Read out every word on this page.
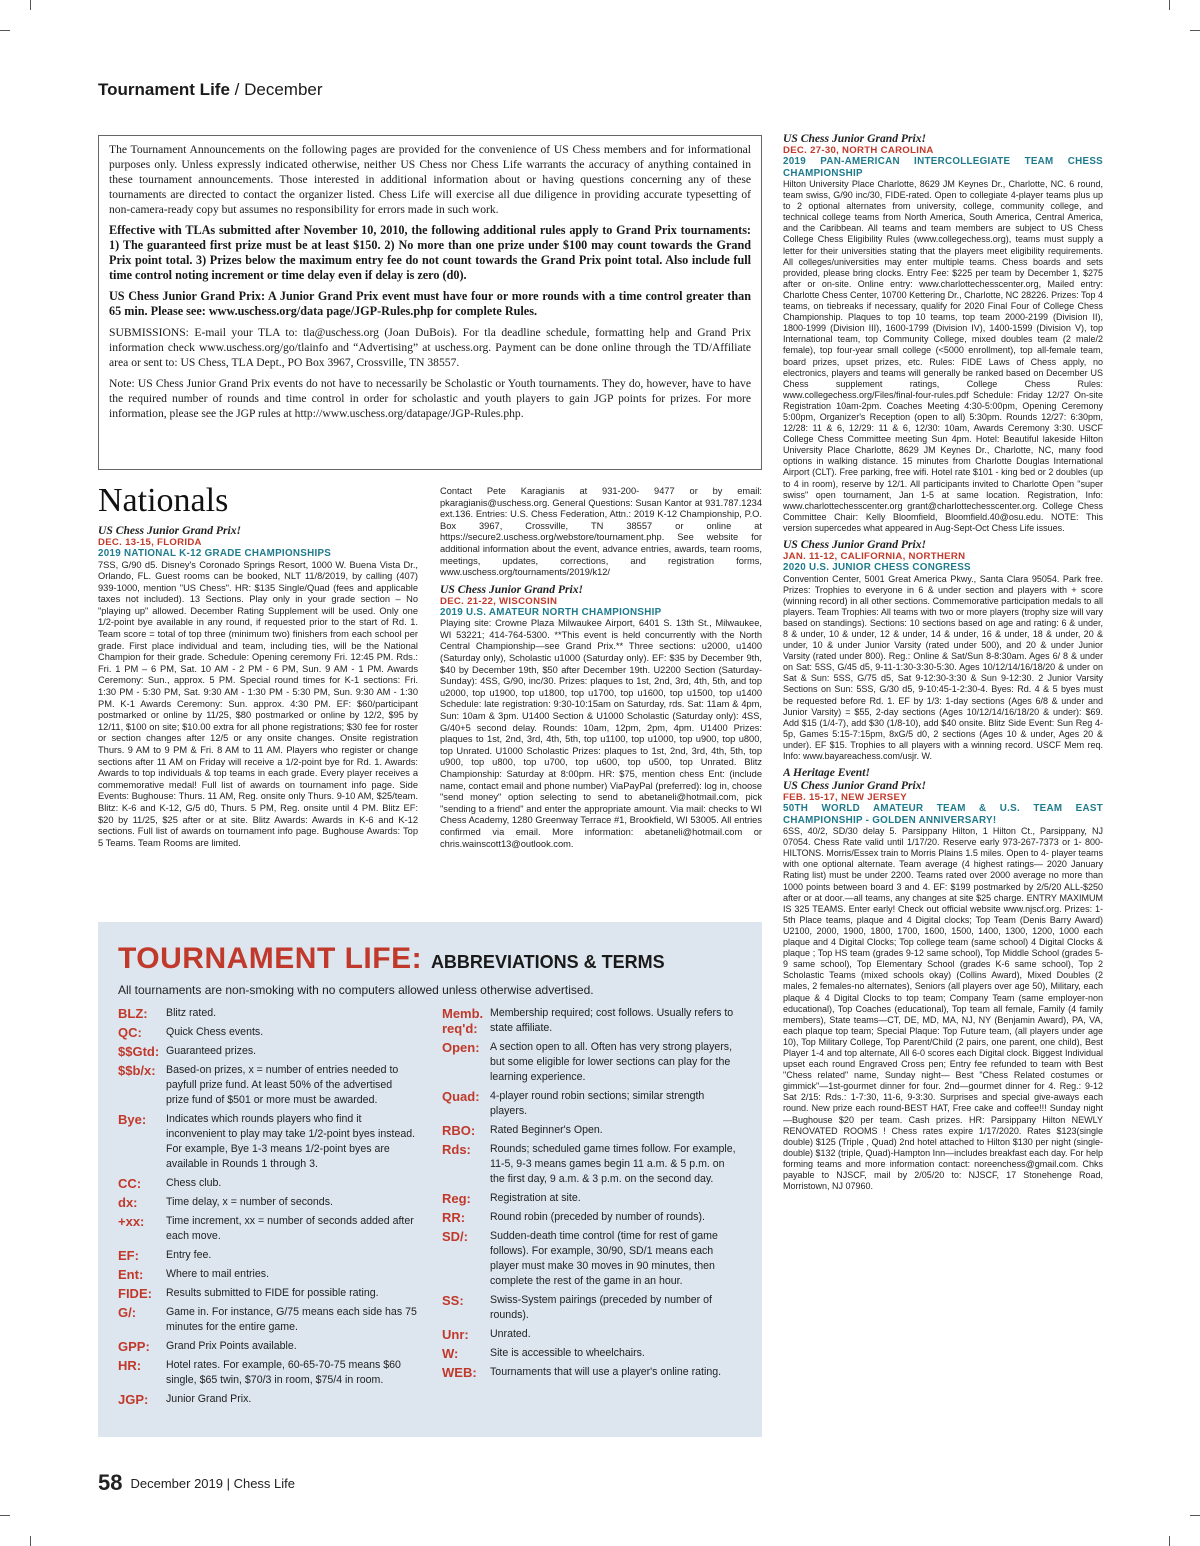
Tournament Life / December

The Tournament Announcements on the following pages are provided for the convenience of US Chess members and for informational purposes only. Unless expressly indicated otherwise, neither US Chess nor Chess Life warrants the accuracy of anything contained in these tournament announcements. Those interested in additional information about or having questions concerning any of these tournaments are directed to contact the organizer listed. Chess Life will exercise all due diligence in providing accurate typesetting of non-camera-ready copy but assumes no responsibility for errors made in such work.

Effective with TLAs submitted after November 10, 2010, the following additional rules apply to Grand Prix tournaments: 1) The guaranteed first prize must be at least $150. 2) No more than one prize under $100 may count towards the Grand Prix point total. 3) Prizes below the maximum entry fee do not count towards the Grand Prix point total. Also include full time control noting increment or time delay even if delay is zero (d0).

US Chess Junior Grand Prix: A Junior Grand Prix event must have four or more rounds with a time control greater than 65 min. Please see: www.uschess.org/data page/JGP-Rules.php for complete Rules.

SUBMISSIONS: E-mail your TLA to: tla@uschess.org (Joan DuBois). For tla deadline schedule, formatting help and Grand Prix information check www.uschess.org/go/tlainfo and “Advertising” at uschess.org. Payment can be done online through the TD/Affiliate area or sent to: US Chess, TLA Dept., PO Box 3967, Crossville, TN 38557.

Note: US Chess Junior Grand Prix events do not have to necessarily be Scholastic or Youth tournaments. They do, however, have to have the required number of rounds and time control in order for scholastic and youth players to gain JGP points for prizes. For more information, please see the JGP rules at http://www.uschess.org/datapage/JGP-Rules.php.

Nationals
US Chess Junior Grand Prix!
DEC. 13-15, FLORIDA
2019 NATIONAL K-12 GRADE CHAMPIONSHIPS
7SS, G/90 d5. Disney's Coronado Springs Resort, 1000 W. Buena Vista Dr., Orlando, FL. Guest rooms can be booked, NLT 11/8/2019, by calling (407) 939-1000, mention "US Chess". HR: $135 Single/Quad (fees and applicable taxes not included). 13 Sections. Play only in your grade section – No "playing up" allowed. December Rating Supplement will be used. Only one 1/2-point bye available in any round, if requested prior to the start of Rd. 1. Team score = total of top three (minimum two) finishers from each school per grade. First place individual and team, including ties, will be the National Champion for their grade. Schedule: Opening ceremony Fri. 12:45 PM. Rds.: Fri. 1 PM – 6 PM, Sat. 10 AM - 2 PM - 6 PM, Sun. 9 AM - 1 PM. Awards Ceremony: Sun., approx. 5 PM. Special round times for K-1 sections: Fri. 1:30 PM - 5:30 PM, Sat. 9:30 AM - 1:30 PM - 5:30 PM, Sun. 9:30 AM - 1:30 PM. K-1 Awards Ceremony: Sun. approx. 4:30 PM. EF: $60/participant postmarked or online by 11/25, $80 postmarked or online by 12/2, $95 by 12/11, $100 on site; $10.00 extra for all phone registrations; $30 fee for roster or section changes after 12/5 or any onsite changes. Onsite registration Thurs. 9 AM to 9 PM & Fri. 8 AM to 11 AM. Players who register or change sections after 11 AM on Friday will receive a 1/2-point bye for Rd. 1. Awards: Awards to top individuals & top teams in each grade. Every player receives a commemorative medal! Full list of awards on tournament info page. Side Events: Bughouse: Thurs. 11 AM, Reg. onsite only Thurs. 9-10 AM, $25/team. Blitz: K-6 and K-12, G/5 d0, Thurs. 5 PM, Reg. onsite until 4 PM. Blitz EF: $20 by 11/25, $25 after or at site. Blitz Awards: Awards in K-6 and K-12 sections. Full list of awards on tournament info page. Bughouse Awards: Top 5 Teams. Team Rooms are limited.
Contact Pete Karagianis at 931-200- 9477 or by email: pkaragianis@uschess.org. General Questions: Susan Kantor at 931.787.1234 ext.136. Entries: U.S. Chess Federation, Attn.: 2019 K-12 Championship, P.O. Box 3967, Crossville, TN 38557 or online at https://secure2.uschess.org/webstore/tournament.php. See website for additional information about the event, advance entries, awards, team rooms, meetings, updates, corrections, and registration forms, www.uschess.org/tournaments/2019/k12/
US Chess Junior Grand Prix!
DEC. 21-22, WISCONSIN
2019 U.S. AMATEUR NORTH CHAMPIONSHIP
Playing site: Crowne Plaza Milwaukee Airport, 6401 S. 13th St., Milwaukee, WI 53221; 414-764-5300. **This event is held concurrently with the North Central Championship—see Grand Prix.** Three sections: u2000, u1400 (Saturday only), Scholastic u1000 (Saturday only). EF: $35 by December 9th, $40 by December 19th, $50 after December 19th. U2200 Section (Saturday-Sunday): 4SS, G/90, inc/30. Prizes: plaques to 1st, 2nd, 3rd, 4th, 5th, and top u2000, top u1900, top u1800, top u1700, top u1600, top u1500, top u1400 Schedule: late registration: 9:30-10:15am on Saturday, rds. Sat: 11am & 4pm, Sun: 10am & 3pm. U1400 Section & U1000 Scholastic (Saturday only): 4SS, G/40+5 second delay. Rounds: 10am, 12pm, 2pm, 4pm. U1400 Prizes: plaques to 1st, 2nd, 3rd, 4th, 5th, top u1100, top u1000, top u900, top u800, top Unrated. U1000 Scholastic Prizes: plaques to 1st, 2nd, 3rd, 4th, 5th, top u900, top u800, top u700, top u600, top u500, top Unrated. Blitz Championship: Saturday at 8:00pm. HR: $75, mention chess Ent: (include name, contact email and phone number) ViaPayPal (preferred): log in, choose "send money" option selecting to send to abetaneli@hotmail.com, pick "sending to a friend" and enter the appropriate amount. Via mail: checks to WI Chess Academy, 1280 Greenway Terrace #1, Brookfield, WI 53005. All entries confirmed via email. More information: abetaneli@hotmail.com or chris.wainscott13@outlook.com.
US Chess Junior Grand Prix!
DEC. 27-30, NORTH CAROLINA
2019 PAN-AMERICAN INTERCOLLEGIATE TEAM CHESS CHAMPIONSHIP
Hilton University Place Charlotte, 8629 JM Keynes Dr., Charlotte, NC. 6 round, team swiss, G/90 inc/30, FIDE-rated. Open to collegiate 4-player teams plus up to 2 optional alternates from university, college, community college, and technical college teams from North America, South America, Central America, and the Caribbean. All teams and team members are subject to US Chess College Chess Eligibility Rules (www.collegechess.org), teams must supply a letter for their universities stating that the players meet eligibility requirements. All colleges/universities may enter multiple teams. Chess boards and sets provided, please bring clocks. Entry Fee: $225 per team by December 1, $275 after or on-site. Online entry: www.charlottechesscenter.org, Mailed entry: Charlotte Chess Center, 10700 Kettering Dr., Charlotte, NC 28226. Prizes: Top 4 teams, on tiebreaks if necessary, qualify for 2020 Final Four of College Chess Championship. Plaques to top 10 teams, top team 2000-2199 (Division II), 1800-1999 (Division III), 1600-1799 (Division IV), 1400-1599 (Division V), top International team, top Community College, mixed doubles team (2 male/2 female), top four-year small college (<5000 enrollment), top all-female team, board prizes, upset prizes, etc. Rules: FIDE Laws of Chess apply, no electronics, players and teams will generally be ranked based on December US Chess supplement ratings, College Chess Rules: www.collegechess.org/Files/final-four-rules.pdf Schedule: Friday 12/27 On-site Registration 10am-2pm. Coaches Meeting 4:30-5:00pm, Opening Ceremony 5:00pm, Organizer's Reception (open to all) 5:30pm. Rounds 12/27: 6:30pm, 12/28: 11 & 6, 12/29: 11 & 6, 12/30: 10am, Awards Ceremony 3:30. USCF College Chess Committee meeting Sun 4pm. Hotel: Beautiful lakeside Hilton University Place Charlotte, 8629 JM Keynes Dr., Charlotte, NC, many food options in walking distance. 15 minutes from Charlotte Douglas International Airport (CLT). Free parking, free wifi. Hotel rate $101 - king bed or 2 doubles (up to 4 in room), reserve by 12/1. All participants invited to Charlotte Open "super swiss" open tournament, Jan 1-5 at same location. Registration, Info: www.charlottechesscenter.org grant@charlottechesscenter.org. College Chess Committee Chair: Kelly Bloomfield, Bloomfield.40@osu.edu. NOTE: This version supercedes what appeared in Aug-Sept-Oct Chess Life issues.
US Chess Junior Grand Prix!
JAN. 11-12, CALIFORNIA, NORTHERN
2020 U.S. JUNIOR CHESS CONGRESS
Convention Center, 5001 Great America Pkwy., Santa Clara 95054. Park free. Prizes: Trophies to everyone in 6 & under section and players with + score (winning record) in all other sections. Commemorative participation medals to all players. Team Trophies: All teams with two or more players (trophy size will vary based on standings). Sections: 10 sections based on age and rating: 6 & under, 8 & under, 10 & under, 12 & under, 14 & under, 16 & under, 18 & under, 20 & under, 10 & under Junior Varsity (rated under 500), and 20 & under Junior Varsity (rated under 800). Reg.: Online & Sat/Sun 8-8:30am. Ages 6/ 8 & under on Sat: 5SS, G/45 d5, 9-11-1:30-3:30-5:30. Ages 10/12/14/16/18/20 & under on Sat & Sun: 5SS, G/75 d5, Sat 9-12:30-3:30 & Sun 9-12:30. 2 Junior Varsity Sections on Sun: 5SS, G/30 d5, 9-10:45-1-2:30-4. Byes: Rd. 4 & 5 byes must be requested before Rd. 1. EF by 1/3: 1-day sections (Ages 6/8 & under and Junior Varsity) = $55, 2-day sections (Ages 10/12/14/16/18/20 & under): $69. Add $15 (1/4-7), add $30 (1/8-10), add $40 onsite. Blitz Side Event: Sun Reg 4-5p, Games 5:15-7:15pm, 8xG/5 d0, 2 sections (Ages 10 & under, Ages 20 & under). EF $15. Trophies to all players with a winning record. USCF Mem req. Info: www.bayareachess.com/usjr. W.
A Heritage Event!
US Chess Junior Grand Prix!
FEB. 15-17, NEW JERSEY
50TH WORLD AMATEUR TEAM & U.S. TEAM EAST CHAMPIONSHIP - GOLDEN ANNIVERSARY!
6SS, 40/2, SD/30 delay 5. Parsippany Hilton, 1 Hilton Ct., Parsippany, NJ 07054. Chess Rate valid until 1/17/20. Reserve early 973-267-7373 or 1- 800-HILTONS. Morris/Essex train to Morris Plains 1.5 miles. Open to 4- player teams with one optional alternate. Team average (4 highest ratings— 2020 January Rating list) must be under 2200. Teams rated over 2000 average no more than 1000 points between board 3 and 4. EF: $199 postmarked by 2/5/20 ALL-$250 after or at door.—all teams, any changes at site $25 charge. ENTRY MAXIMUM IS 325 TEAMS. Enter early! Check out official website www.njscf.org. Prizes: 1-5th Place teams, plaque and 4 Digital clocks; Top Team (Denis Barry Award) U2100, 2000, 1900, 1800, 1700, 1600, 1500, 1400, 1300, 1200, 1000 each plaque and 4 Digital Clocks; Top college team (same school) 4 Digital Clocks & plaque ; Top HS team (grades 9-12 same school), Top Middle School (grades 5-9 same school), Top Elementary School (grades K-6 same school), Top 2 Scholastic Teams (mixed schools okay) (Collins Award), Mixed Doubles (2 males, 2 females-no alternates), Seniors (all players over age 50), Military, each plaque & 4 Digital Clocks to top team; Company Team (same employer-non educational), Top Coaches (educational), Top team all female, Family (4 family members), State teams—CT, DE, MD, MA, NJ, NY (Benjamin Award), PA, VA, each plaque top team; Special Plaque: Top Future team, (all players under age 10), Top Military College, Top Parent/Child (2 pairs, one parent, one child), Best Player 1-4 and top alternate, All 6-0 scores each Digital clock. Biggest Individual upset each round Engraved Cross pen; Entry fee refunded to team with Best "Chess related" name, Sunday night— Best "Chess Related costumes or gimmick"—1st-gourmet dinner for four. 2nd—gourmet dinner for 4. Reg.: 9-12 Sat 2/15: Rds.: 1-7:30, 11-6, 9-3:30. Surprises and special give-aways each round. New prize each round-BEST HAT, Free cake and coffee!!! Sunday night—Bughouse $20 per team. Cash prizes. HR: Parsippany Hilton NEWLY RENOVATED ROOMS ! Chess rates expire 1/17/2020. Rates $123(single double) $125 (Triple , Quad) 2nd hotel attached to Hilton $130 per night (single-double) $132 (triple, Quad)-Hampton Inn—includes breakfast each day. For help forming teams and more information contact: noreenchess@gmail.com. Chks payable to NJSCF, mail by 2/05/20 to: NJSCF, 17 Stonehenge Road, Morristown, NJ 07960.
TOURNAMENT LIFE: ABBREVIATIONS & TERMS
All tournaments are non-smoking with no computers allowed unless otherwise advertised.
BLZ:	Blitz rated.
QC:	Quick Chess events.
$$Gtd: Guaranteed prizes.
$$b/x: Based-on prizes, x = number of entries needed to payfull prize fund. At least 50% of the advertised prize fund of $501 or more must be awarded.
Bye:	Indicates which rounds players who find it inconvenient to play may take 1/2-point byes instead. For example, Bye 1-3 means 1/2-point byes are available in Rounds 1 through 3.
CC:	Chess club.
dx:	Time delay, x = number of seconds.
+xx:	Time increment, xx = number of seconds added after each move.
EF:	Entry fee.
Ent:	Where to mail entries.
FIDE:	Results submitted to FIDE for possible rating.
G/:	Game in. For instance, G/75 means each side has 75 minutes for the entire game.
GPP:	Grand Prix Points available.
HR:	Hotel rates. For example, 60-65-70-75 means $60 single, $65 twin, $70/3 in room, $75/4 in room.
JGP:	Junior Grand Prix.
Memb. req'd:
Membership required; cost follows. Usually refers to state affiliate.
Open: A section open to all. Often has very strong players, but some eligible for lower sections can play for the learning experience.
Quad: 4-player round robin sections; similar strength players.
RBO:	Rated Beginner's Open.
Rds:	Rounds; scheduled game times follow. For example, 11-5, 9-3 means games begin 11 a.m. & 5 p.m. on the first day, 9 a.m. & 3 p.m. on the second day.
Reg:	Registration at site.
RR:	Round robin (preceded by number of rounds).
SD/:	Sudden-death time control (time for rest of game follows). For example, 30/90, SD/1 means each player must make 30 moves in 90 minutes, then complete the rest of the game in an hour.
SS:	Swiss-System pairings (preceded by number of rounds).
Unr:	Unrated.
W:	Site is accessible to wheelchairs.
WEB:	Tournaments that will use a player's online rating.
58 December 2019 | Chess Life
